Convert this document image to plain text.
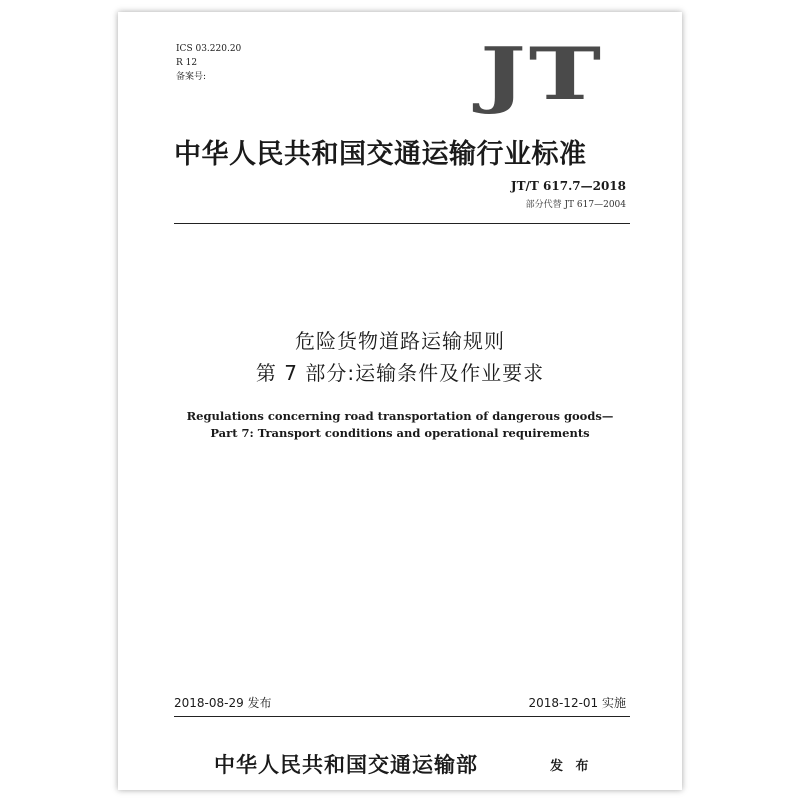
ICS 03.220.20
R 12
备案号:	JT
中华人民共和国交通运输行业标准
JT/T 617.7—2018
部分代替 JT 617—2004
危险货物道路运输规则
第 7 部分:运输条件及作业要求
Regulations concerning road transportation of dangerous goods—
Part 7: Transport conditions and operational requirements
2018-08-29 发布	2018-12-01 实施
中华人民共和国交通运输部	发 布
